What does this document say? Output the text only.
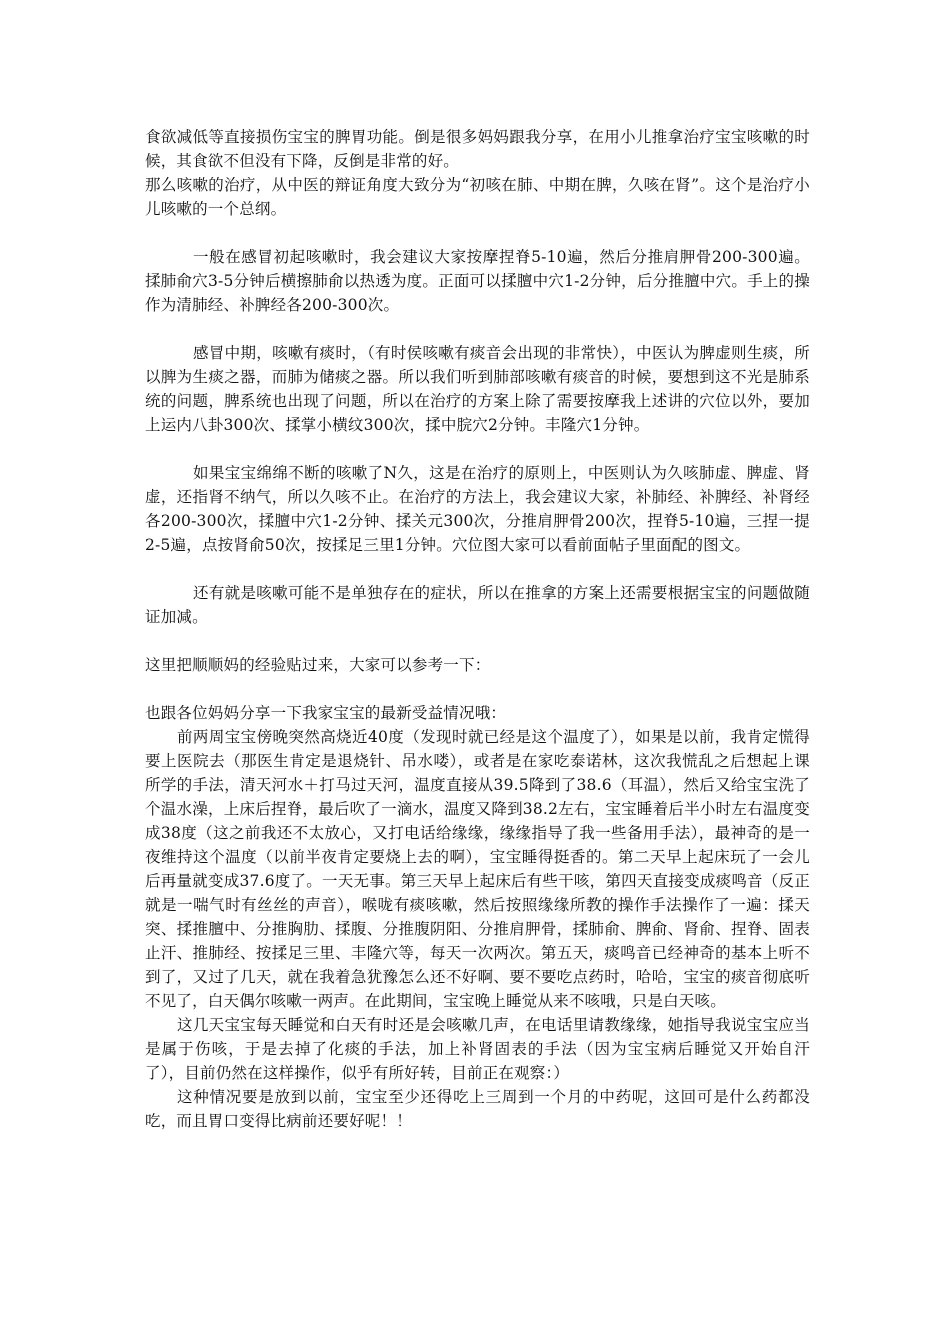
食欲减低等直接损伤宝宝的脾胃功能。倒是很多妈妈跟我分享，在用小儿推拿治疗宝宝咳嗽的时候，其食欲不但没有下降，反倒是非常的好。

那么咳嗽的治疗，从中医的辩证角度大致分为“初咳在肺、中期在脾，久咳在肾”。这个是治疗小儿咳嗽的一个总纲。

一般在感冒初起咳嗽时，我会建议大家按摩捏脊5-10遍，然后分推肩胛骨200-300遍。揉肺俞穴3-5分钟后横擦肺俞以热透为度。正面可以揉膻中穴1-2分钟，后分推膻中穴。手上的操作为清肺经、补脾经各200-300次。

感冒中期，咳嗽有痰时，（有时侯咳嗽有痰音会出现的非常快），中医认为脾虚则生痰，所以脾为生痰之器，而肺为储痰之器。所以我们听到肺部咳嗽有痰音的时候，要想到这不光是肺系统的问题，脾系统也出现了问题，所以在治疗的方案上除了需要按摩我上述讲的穴位以外，要加上运内八卦300次、揉掌小横纹300次，揉中脘穴2分钟。丰隆穴1分钟。

如果宝宝绵绵不断的咳嗽了N久，这是在治疗的原则上，中医则认为久咳肺虚、脾虚、肾虚，还指肾不纳气，所以久咳不止。在治疗的方法上，我会建议大家，补肺经、补脾经、补肾经各200-300次，揉膻中穴1-2分钟、揉关元300次，分推肩胛骨200次，捏脊5-10遍，三捏一提2-5遍，点按肾俞50次，按揉足三里1分钟。穴位图大家可以看前面帖子里面配的图文。

还有就是咳嗽可能不是单独存在的症状，所以在推拿的方案上还需要根据宝宝的问题做随证加减。

这里把顺顺妈的经验贴过来，大家可以参考一下：

也跟各位妈妈分享一下我家宝宝的最新受益情况哦：

前两周宝宝傍晚突然高烧近40度（发现时就已经是这个温度了），如果是以前，我肯定慌得要上医院去（那医生肯定是退烧针、吊水喽），或者是在家吃泰诺林，这次我慌乱之后想起上课所学的手法，清天河水＋打马过天河，温度直接从39.5降到了38.6（耳温），然后又给宝宝洗了个温水澡，上床后捏脊，最后吹了一滴水，温度又降到38.2左右，宝宝睡着后半小时左右温度变成38度（这之前我还不太放心，又打电话给缘缘，缘缘指导了我一些备用手法），最神奇的是一夜维持这个温度（以前半夜肯定要烧上去的啊），宝宝睡得挺香的。第二天早上起床玩了一会儿后再量就变成37.6度了。一天无事。第三天早上起床后有些干咳，第四天直接变成痰鸣音（反正就是一喘气时有丝丝的声音），喉咙有痰咳嗽，然后按照缘缘所教的操作手法操作了一遍：揉天突、揉推膻中、分推胸肋、揉腹、分推腹阴阳、分推肩胛骨，揉肺俞、脾俞、肾俞、捏脊、固表止汗、推肺经、按揉足三里、丰隆穴等，每天一次两次。第五天，痰鸣音已经神奇的基本上听不到了，又过了几天，就在我着急犹豫怎么还不好啊、要不要吃点药时，哈哈，宝宝的痰音彻底听不见了，白天偶尔咳嗽一两声。在此期间，宝宝晚上睡觉从来不咳哦，只是白天咳。

这几天宝宝每天睡觉和白天有时还是会咳嗽几声，在电话里请教缘缘，她指导我说宝宝应当是属于伤咳，于是去掉了化痰的手法，加上补肾固表的手法（因为宝宝病后睡觉又开始自汗了），目前仍然在这样操作，似乎有所好转，目前正在观察：）

这种情况要是放到以前，宝宝至少还得吃上三周到一个月的中药呢，这回可是什么药都没吃，而且胃口变得比病前还要好呢！！
